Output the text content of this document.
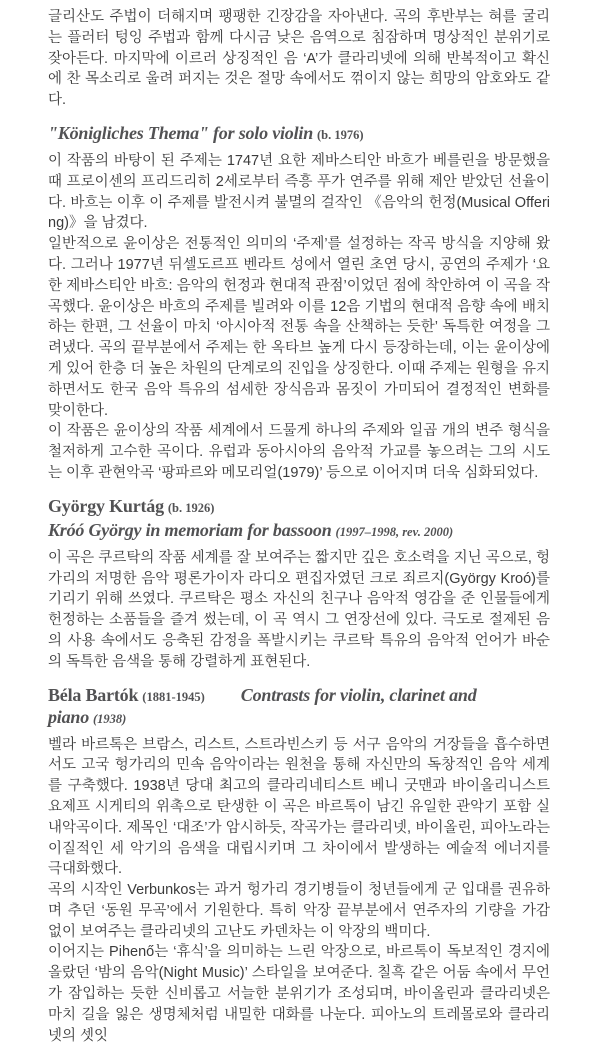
글리산도 주법이 더해지며 팽팽한 긴장감을 자아낸다. 곡의 후반부는 혀를 굴리는 플러터 텅잉 주법과 함께 다시금 낮은 음역으로 침잠하며 명상적인 분위기로 잦아든다. 마지막에 이르러 상징적인 음 ‘A’가 클라리넷에 의해 반복적이고 확신에 찬 목소리로 울려 퍼지는 것은 절망 속에서도 꺾이지 않는 희망의 암호와도 같다.

"Königliches Thema" for solo violin (b. 1976)

이 작품의 바탕이 된 주제는 1747년 요한 제바스티안 바흐가 베를린을 방문했을 때 프로이센의 프리드리히 2세로부터 즉흥 푸가 연주를 위해 제안 받았던 선율이다. 바흐는 이후 이 주제를 발전시켜 불멸의 걸작인 《음악의 헌정(Musical Offering)》을 남겼다.

일반적으로 윤이상은 전통적인 의미의 ‘주제’를 설정하는 작곡 방식을 지양해 왔다. 그러나 1977년 뒤셀도르프 벤라트 성에서 열린 초연 당시, 공연의 주제가 ‘요한 제바스티안 바흐: 음악의 헌정과 현대적 관점’이었던 점에 착안하여 이 곡을 작곡했다. 윤이상은 바흐의 주제를 빌려와 이를 12음 기법의 현대적 음향 속에 배치하는 한편, 그 선율이 마치 ‘아시아적 전통 속을 산책하는 듯한’ 독특한 여정을 그려냈다. 곡의 끝부분에서 주제는 한 옥타브 높게 다시 등장하는데, 이는 윤이상에게 있어 한층 더 높은 차원의 단계로의 진입을 상징한다. 이때 주제는 원형을 유지하면서도 한국 음악 특유의 섬세한 장식음과 몸짓이 가미되어 결정적인 변화를 맞이한다.

이 작품은 윤이상의 작품 세계에서 드물게 하나의 주제와 일곱 개의 변주 형식을 철저하게 고수한 곡이다. 유럽과 동아시아의 음악적 가교를 놓으려는 그의 시도는 이후 관현악곡 ‘팡파르와 메모리얼(1979)’ 등으로 이어지며 더욱 심화되었다.

György Kurtág (b. 1926)
Króó György in memoriam for bassoon (1997–1998, rev. 2000)

이 곡은 쿠르탁의 작품 세계를 잘 보여주는 짧지만 깊은 호소력을 지닌 곡으로, 헝가리의 저명한 음악 평론가이자 라디오 편집자였던 크로 죄르지(György Kroó)를 기리기 위해 쓰였다. 쿠르탁은 평소 자신의 친구나 음악적 영감을 준 인물들에게 헌정하는 소품들을 즐겨 썼는데, 이 곡 역시 그 연장선에 있다. 극도로 절제된 음의 사용 속에서도 응축된 감정을 폭발시키는 쿠르탁 특유의 음악적 언어가 바순의 독특한 음색을 통해 강렬하게 표현된다.

Béla Bartók (1881-1945) Contrasts for violin, clarinet and piano (1938)

벨라 바르톡은 브람스, 리스트, 스트라빈스키 등 서구 음악의 거장들을 흡수하면서도 고국 헝가리의 민속 음악이라는 원천을 통해 자신만의 독창적인 음악 세계를 구축했다. 1938년 당대 최고의 클라리네티스트 베니 굿맨과 바이올리니스트 요제프 시게티의 위촉으로 탄생한 이 곡은 바르톡이 남긴 유일한 관악기 포함 실내악곡이다. 제목인 ‘대조’가 암시하듯, 작곡가는 클라리넷, 바이올린, 피아노라는 이질적인 세 악기의 음색을 대립시키며 그 차이에서 발생하는 예술적 에너지를 극대화했다.

곡의 시작인 Verbunkos는 과거 헝가리 경기병들이 청년들에게 군 입대를 권유하며 추던 ‘동원 무곡’에서 기원한다. 특히 악장 끝부분에서 연주자의 기량을 가감 없이 보여주는 클라리넷의 고난도 카덴차는 이 악장의 백미다.

이어지는 Pihenő는 ‘휴식’을 의미하는 느린 악장으로, 바르톡이 독보적인 경지에 올랐던 ‘밤의 음악(Night Music)’ 스타일을 보여준다. 칠흑 같은 어둠 속에서 무언가 잠입하는 듯한 신비롭고 서늘한 분위기가 조성되며, 바이올린과 클라리넷은 마치 길을 잃은 생명체처럼 내밀한 대화를 나눈다. 피아노의 트레몰로와 클라리넷의 셋잇
